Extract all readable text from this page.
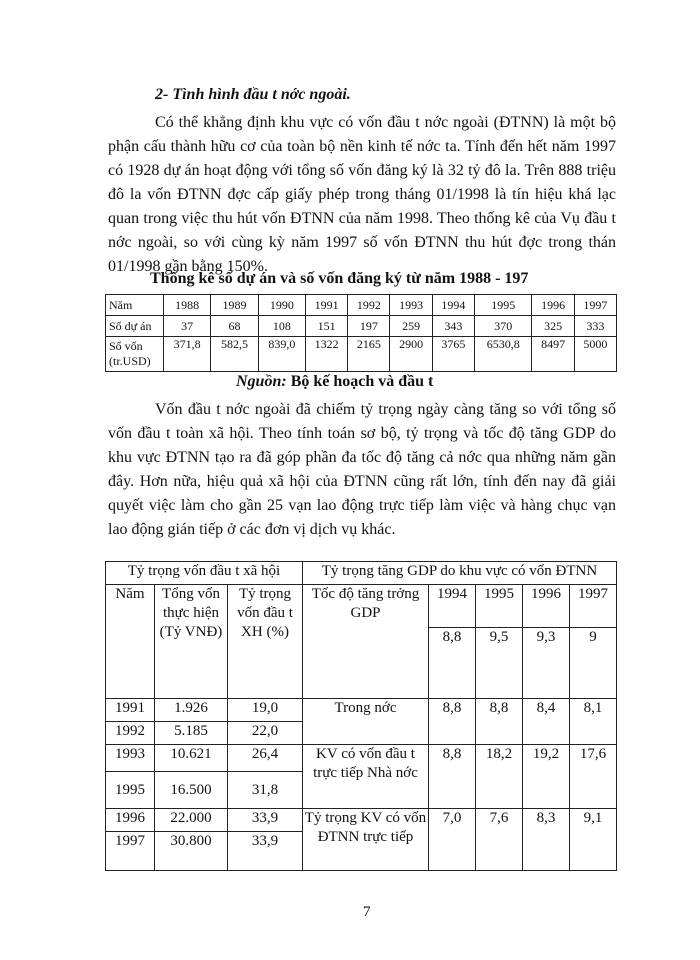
2- Tình hình đầu t nớc ngoài.
Có thể khẳng định khu vực có vốn đầu t nớc ngoài (ĐTNN) là một bộ phận cấu thành hữu cơ của toàn bộ nền kinh tế nớc ta. Tính đến hết năm 1997 có 1928 dự án hoạt động với tổng số vốn đăng ký là 32 tỷ đô la. Trên 888 triệu đô la vốn ĐTNN đợc cấp giấy phép trong tháng 01/1998 là tín hiệu khá lạc quan trong việc thu hút vốn ĐTNN của năm 1998. Theo thống kê của Vụ đầu t nớc ngoài, so với cùng kỳ năm 1997 số vốn ĐTNN thu hút đợc trong thán 01/1998 gần bằng 150%.
Thống kê số dự án và số vốn đăng ký từ năm 1988 - 197
Năm	1988	1989	1990	1991	1992	1993	1994	1995	1996	1997
Số dự án	37	68	108	151	197	259	343	370	325	333
Số vốn (tr.USD)	371,8	582,5	839,0	1322	2165	2900	3765	6530,8	8497	5000
Nguồn: Bộ kế hoạch và đầu t
Vốn đầu t nớc ngoài đã chiếm tỷ trọng ngày càng tăng so với tổng số vốn đầu t toàn xã hội. Theo tính toán sơ bộ, tỷ trọng và tốc độ tăng GDP do khu vực ĐTNN tạo ra đã góp phần đa tốc độ tăng cả nớc qua những năm gần đây. Hơn nữa, hiệu quả xã hội của ĐTNN cũng rất lớn, tính đến nay đã giải quyết việc làm cho gần 25 vạn lao động trực tiếp làm việc và hàng chục vạn lao động gián tiếp ở các đơn vị dịch vụ khác.
Tỷ trọng vốn đầu t xã hội			Tỷ trọng tăng GDP do khu vực có vốn ĐTNN				
Năm	Tổng vốn thực hiện (Tỷ VNĐ)	Tỷ trọng vốn đầu t XH (%)	Tốc độ tăng trởng GDP	1994	1995	1996	1997
				8,8	9,5	9,3	9
1991	1.926	19,0	Trong nớc	8,8	8,8	8,4	8,1
1992	5.185	22,0					
1993	10.621	26,4	KV có vốn đầu t trực tiếp Nhà nớc	8,8	18,2	19,2	17,6
1995	16.500	31,8					
1996	22.000	33,9	Tỷ trọng KV có vốn ĐTNN trực tiếp	7,0	7,6	8,3	9,1
1997	30.800	33,9					
7
